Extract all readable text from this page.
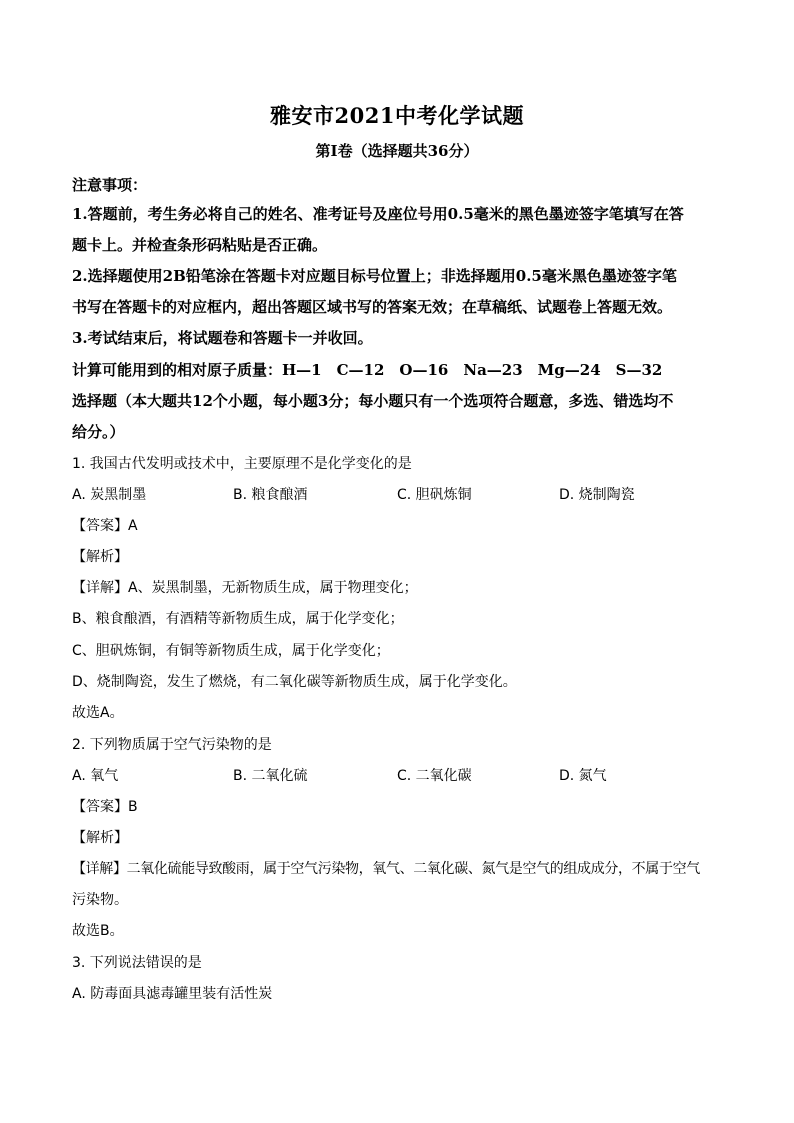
雅安市2021中考化学试题
第Ⅰ卷（选择题共36分）
注意事项：
1.答题前，考生务必将自己的姓名、准考证号及座位号用0.5毫米的黑色墨迹签字笔填写在答
题卡上。并检查条形码粘贴是否正确。
2.选择题使用2B铅笔涂在答题卡对应题目标号位置上；非选择题用0.5毫米黑色墨迹签字笔
书写在答题卡的对应框内，超出答题区域书写的答案无效；在草稿纸、试题卷上答题无效。
3.考试结束后，将试题卷和答题卡一并收回。
计算可能用到的相对原子质量：H—1　C—12　O—16　Na—23　Mg—24　S—32
选择题（本大题共12个小题，每小题3分；每小题只有一个选项符合题意，多选、错选均不
给分。）
1. 我国古代发明或技术中，主要原理不是化学变化的是
A. 炭黑制墨	B. 粮食酿酒	C. 胆矾炼铜	D. 烧制陶瓷
【答案】A
【解析】
【详解】A、炭黑制墨，无新物质生成，属于物理变化；
B、粮食酿酒，有酒精等新物质生成，属于化学变化；
C、胆矾炼铜，有铜等新物质生成，属于化学变化；
D、烧制陶瓷，发生了燃烧，有二氧化碳等新物质生成，属于化学变化。
故选A。
2. 下列物质属于空气污染物的是
A. 氧气	B. 二氧化硫	C. 二氧化碳	D. 氮气
【答案】B
【解析】
【详解】二氧化硫能导致酸雨，属于空气污染物，氧气、二氧化碳、氮气是空气的组成成分，不属于空气
污染物。
故选B。
3. 下列说法错误的是
A. 防毒面具滤毒罐里装有活性炭
